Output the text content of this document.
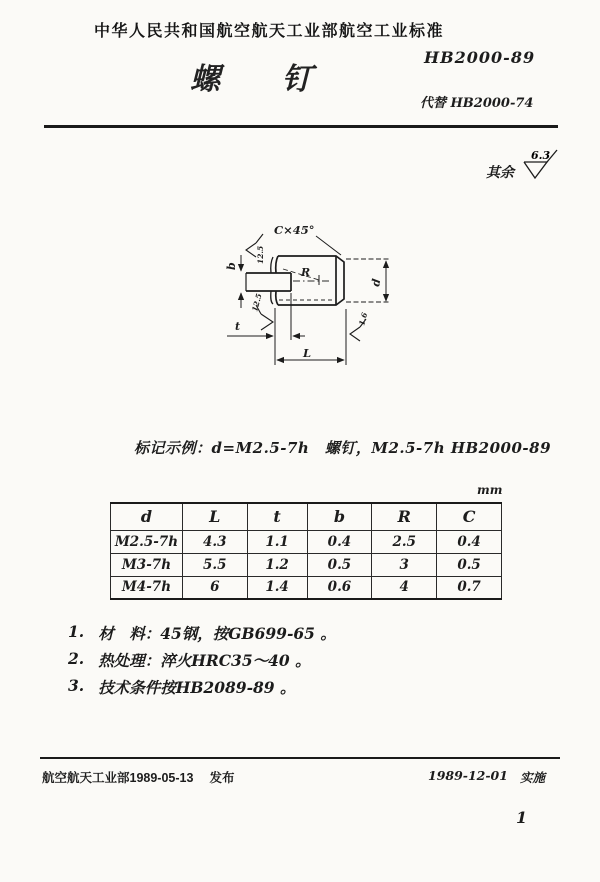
中华人民共和国航空航天工业部航空工业标准
螺 钉
HB2000-89
代替 HB2000-74
其余
6.3
C×45°
R
b
12.5
t
12.5
L
d
1.6
标记示例：d=M2.5-7h　螺钉，M2.5-7h HB2000-89
mm
d	L	t	b	R	C
M2.5-7h	4.3	1.1	0.4	2.5	0.4
M3-7h	5.5	1.2	0.5	3	0.5
M4-7h	6	1.4	0.6	4	0.7
1. 材　料：45钢，按GB699-65 。
2. 热处理：淬火HRC35～40 。
3. 技术条件按HB2089-89 。
航空航天工业部1989-05-13 发布	1989-12-01 实施
1
